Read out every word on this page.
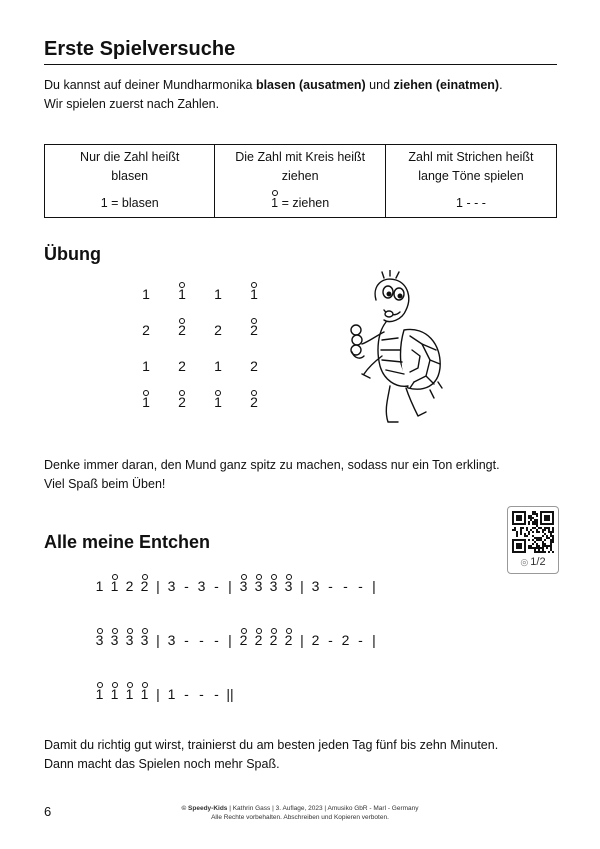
Erste Spielversuche

Du kannst auf deiner Mundharmonika blasen (ausatmen) und ziehen (einatmen).

Wir spielen zuerst nach Zahlen.

Nur die Zahl heißt
blasen
1 = blasen
	Die Zahl mit Kreis heißt
ziehen
1 = ziehen
	Zahl mit Strichen heißt
lange Töne spielen
1 - - -
Übung
1	1	1	1
2	2	2	2
1	2	1	2
1	2	1	2

Denke immer daran, den Mund ganz spitz zu machen, sodass nur ein Ton erklingt.

Viel Spaß beim Üben!

Alle meine Entchen
◎ 1/2
1 1 2 2 | 3 - 3 - | 3 3 3 3 | 3 - - - |
3 3 3 3 | 3 - - - | 2 2 2 2 | 2 - 2 - |
1 1 1 1 | 1 - - - ||

Damit du richtig gut wirst, trainierst du am besten jeden Tag fünf bis zehn Minuten.

Dann macht das Spielen noch mehr Spaß.

6	© Speedy-Kids | Kathrin Gass | 3. Auflage, 2023 | Amusiko GbR - Marl - Germany
Alle Rechte vorbehalten. Abschreiben und Kopieren verboten.
